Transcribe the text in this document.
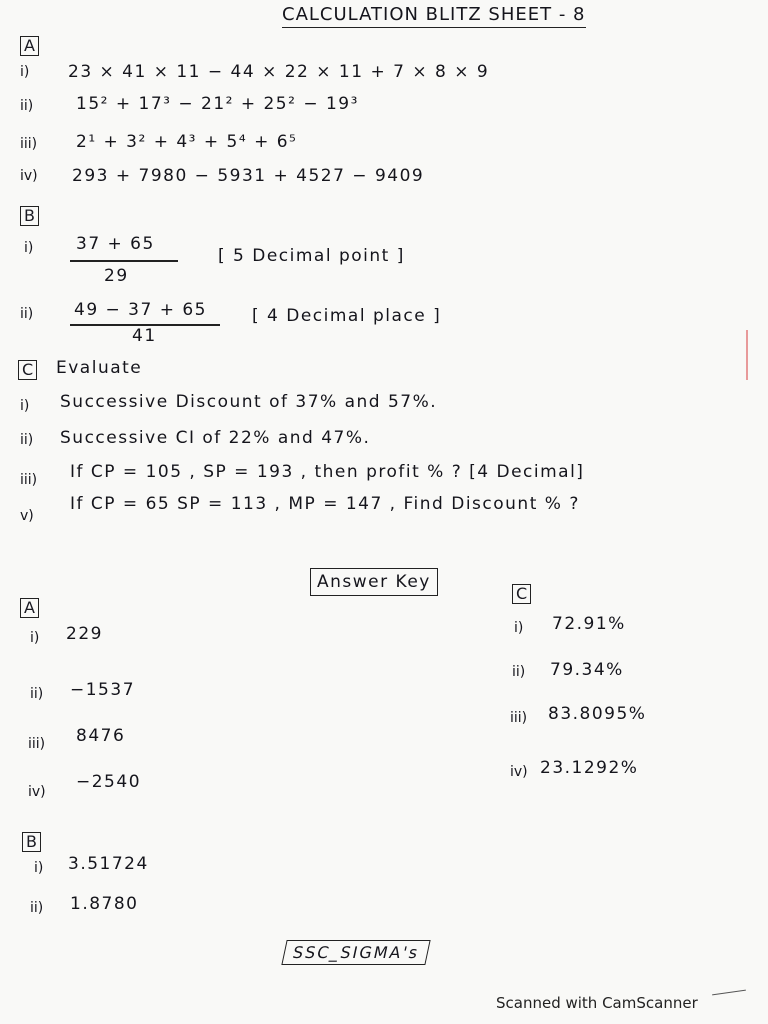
CALCULATION BLITZ SHEET - 8
A
i) 23 × 41 × 11 − 44 × 22 × 11 + 7 × 8 × 9
ii)	15² + 17³ − 21² + 25² − 19³
iii) 2¹ + 3² + 4³ + 5⁴ + 6⁵
iv) 293 + 7980 − 5931 + 4527 − 9409
B
i)	37 + 65
29
[ 5 Decimal point ]
ii) 49 − 37 + 65
41
[ 4 Decimal place ]
C Evaluate
i) Successive Discount of 37% and 57%.
ii) Successive CI of 22% and 47%.
iii) If CP = 105 , SP = 193 , then profit % ? [4 Decimal]
v)
If CP = 65 SP = 113 , MP = 147 , Find Discount % ?
Answer Key
A
i) 229
ii) −1537
iii) 8476
iv) −2540
B
i) 3.51724
ii) 1.8780
C
i) 72.91%
ii) 79.34%
iii) 83.8095%
iv) 23.1292%
SSC_SIGMA's
Scanned with CamScanner
